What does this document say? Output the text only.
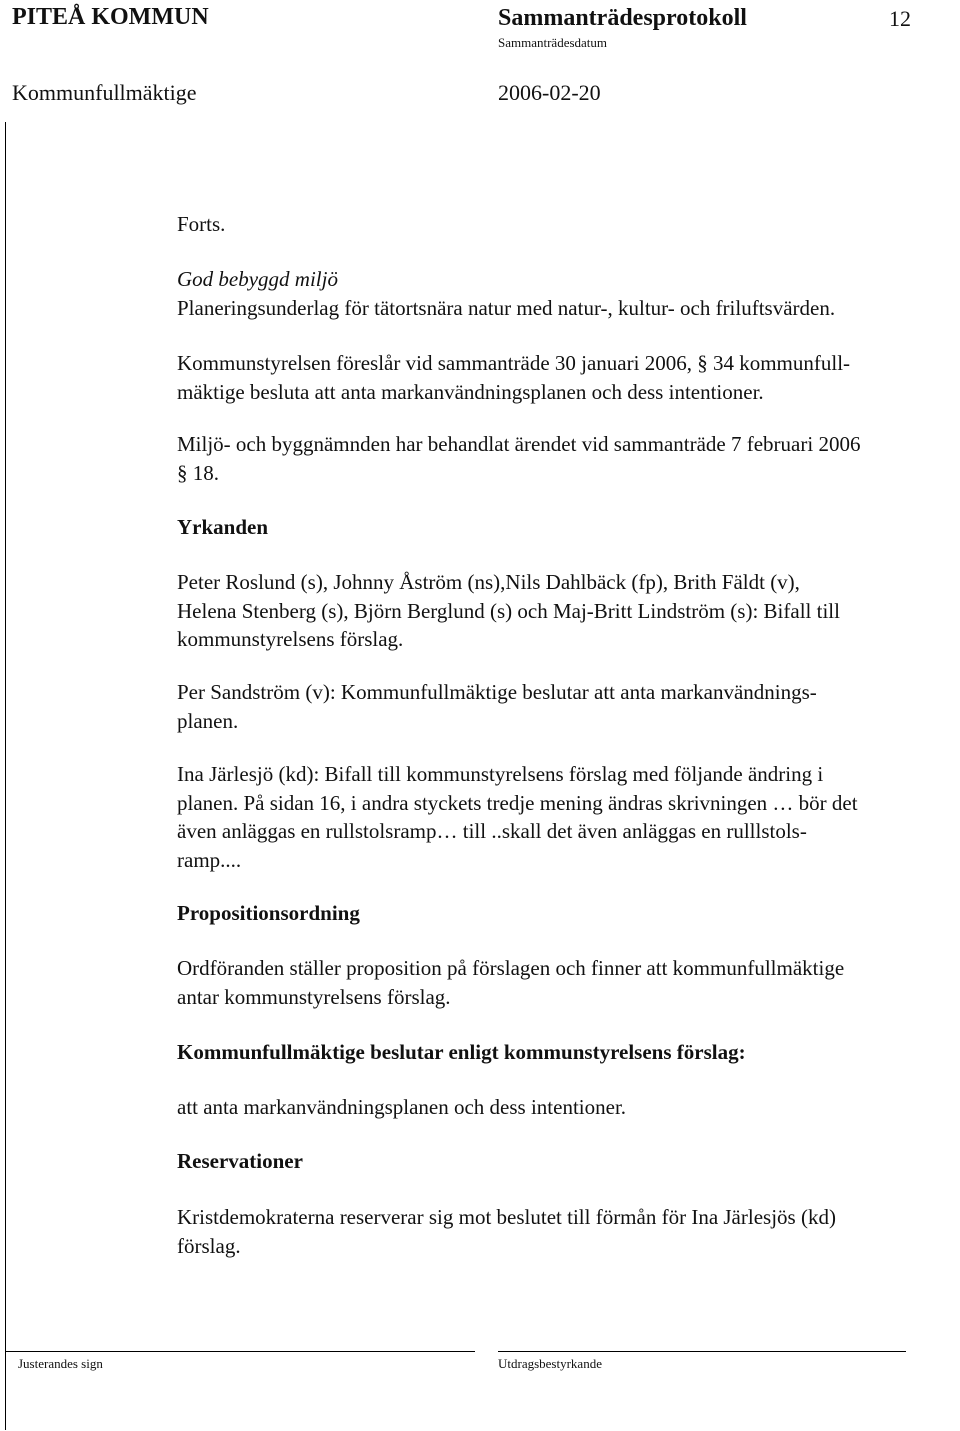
PITEÅ KOMMUN	Sammanträdesprotokoll	12
Sammanträdesdatum
Kommunfullmäktige	2006-02-20
Forts.

God bebyggd miljö

Planeringsunderlag för tätortsnära natur med natur-, kultur- och friluftsvärden.

Kommunstyrelsen föreslår vid sammanträde 30 januari 2006, § 34 kommunfull-

mäktige besluta att anta markanvändningsplanen och dess intentioner.

Miljö- och byggnämnden har behandlat ärendet vid sammanträde 7 februari 2006

§ 18.

Yrkanden

Peter Roslund (s), Johnny Åström (ns),Nils Dahlbäck (fp), Brith Fäldt (v),

Helena Stenberg (s), Björn Berglund (s) och Maj-Britt Lindström (s): Bifall till

kommunstyrelsens förslag.

Per Sandström (v): Kommunfullmäktige beslutar att anta markanvändnings-

planen.

Ina Järlesjö (kd): Bifall till kommunstyrelsens förslag med följande ändring i

planen. På sidan 16, i andra styckets tredje mening ändras skrivningen … bör det

även anläggas en rullstolsramp… till ..skall det även anläggas en rulllstols-

ramp....

Propositionsordning

Ordföranden ställer proposition på förslagen och finner att kommunfullmäktige

antar kommunstyrelsens förslag.

Kommunfullmäktige beslutar enligt kommunstyrelsens förslag:
att anta markanvändningsplanen och dess intentioner.
Reservationer

Kristdemokraterna reserverar sig mot beslutet till förmån för Ina Järlesjös (kd)

förslag.

Justerandes sign	Utdragsbestyrkande
